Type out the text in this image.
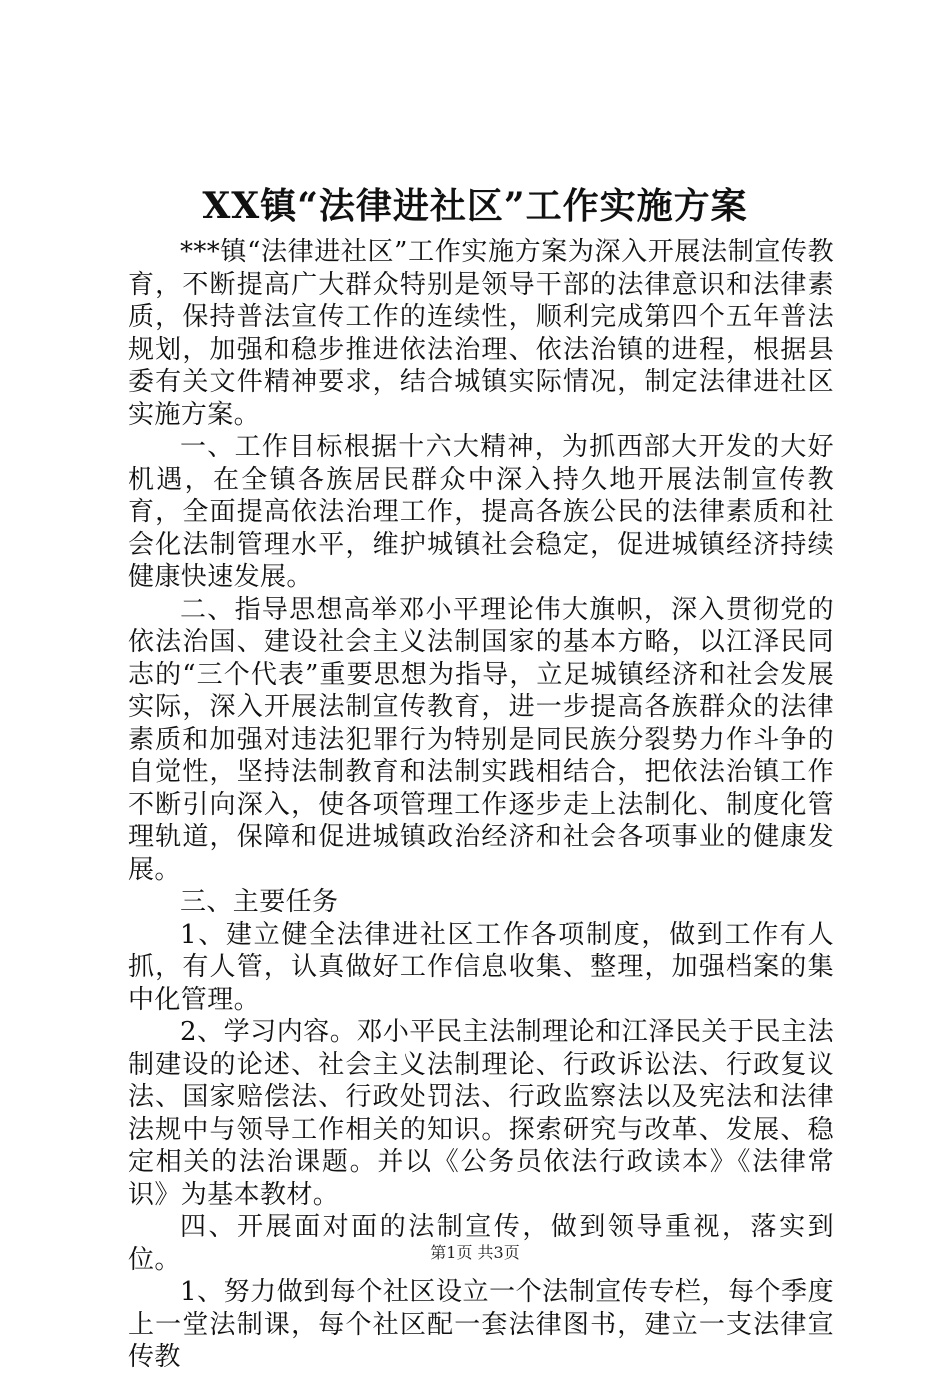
XX镇“法律进社区”工作实施方案

***镇“法律进社区”工作实施方案为深入开展法制宣传教育，不断提高广大群众特别是领导干部的法律意识和法律素质，保持普法宣传工作的连续性，顺利完成第四个五年普法规划，加强和稳步推进依法治理、依法治镇的进程，根据县委有关文件精神要求，结合城镇实际情况，制定法律进社区实施方案。

一、工作目标根据十六大精神，为抓西部大开发的大好机遇，在全镇各族居民群众中深入持久地开展法制宣传教育，全面提高依法治理工作，提高各族公民的法律素质和社会化法制管理水平，维护城镇社会稳定，促进城镇经济持续健康快速发展。

二、指导思想高举邓小平理论伟大旗帜，深入贯彻党的依法治国、建设社会主义法制国家的基本方略，以江泽民同志的“三个代表”重要思想为指导，立足城镇经济和社会发展实际，深入开展法制宣传教育，进一步提高各族群众的法律素质和加强对违法犯罪行为特别是同民族分裂势力作斗争的自觉性，坚持法制教育和法制实践相结合，把依法治镇工作不断引向深入，使各项管理工作逐步走上法制化、制度化管理轨道，保障和促进城镇政治经济和社会各项事业的健康发展。

三、主要任务

1、建立健全法律进社区工作各项制度，做到工作有人抓，有人管，认真做好工作信息收集、整理，加强档案的集中化管理。

2、学习内容。邓小平民主法制理论和江泽民关于民主法制建设的论述、社会主义法制理论、行政诉讼法、行政复议法、国家赔偿法、行政处罚法、行政监察法以及宪法和法律法规中与领导工作相关的知识。探索研究与改革、发展、稳定相关的法治课题。并以《公务员依法行政读本》《法律常识》为基本教材。

四、开展面对面的法制宣传，做到领导重视，落实到位。

1、努力做到每个社区设立一个法制宣传专栏，每个季度上一堂法制课，每个社区配一套法律图书，建立一支法律宣传教

第1页 共3页
